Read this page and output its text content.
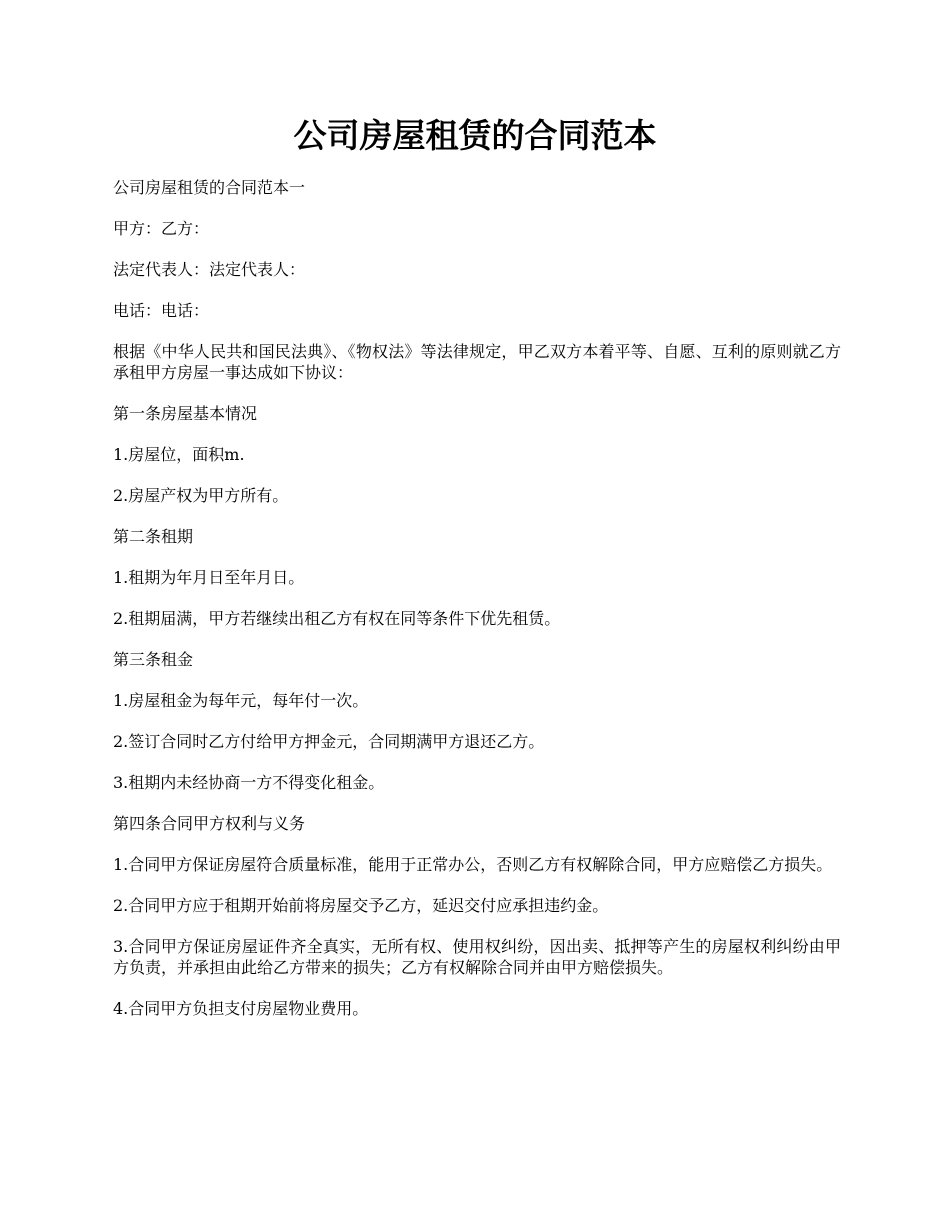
公司房屋租赁的合同范本

公司房屋租赁的合同范本一

甲方：乙方：

法定代表人：法定代表人：

电话：电话：

根据《中华人民共和国民法典》、《物权法》等法律规定，甲乙双方本着平等、自愿、互利的原则就乙方承租甲方房屋一事达成如下协议：

第一条房屋基本情况

1.房屋位，面积m.

2.房屋产权为甲方所有。

第二条租期

1.租期为年月日至年月日。

2.租期届满，甲方若继续出租乙方有权在同等条件下优先租赁。

第三条租金

1.房屋租金为每年元，每年付一次。

2.签订合同时乙方付给甲方押金元，合同期满甲方退还乙方。

3.租期内未经协商一方不得变化租金。

第四条合同甲方权利与义务

1.合同甲方保证房屋符合质量标准，能用于正常办公，否则乙方有权解除合同，甲方应赔偿乙方损失。

2.合同甲方应于租期开始前将房屋交予乙方，延迟交付应承担违约金。

3.合同甲方保证房屋证件齐全真实，无所有权、使用权纠纷，因出卖、抵押等产生的房屋权利纠纷由甲方负责，并承担由此给乙方带来的损失；乙方有权解除合同并由甲方赔偿损失。

4.合同甲方负担支付房屋物业费用。
